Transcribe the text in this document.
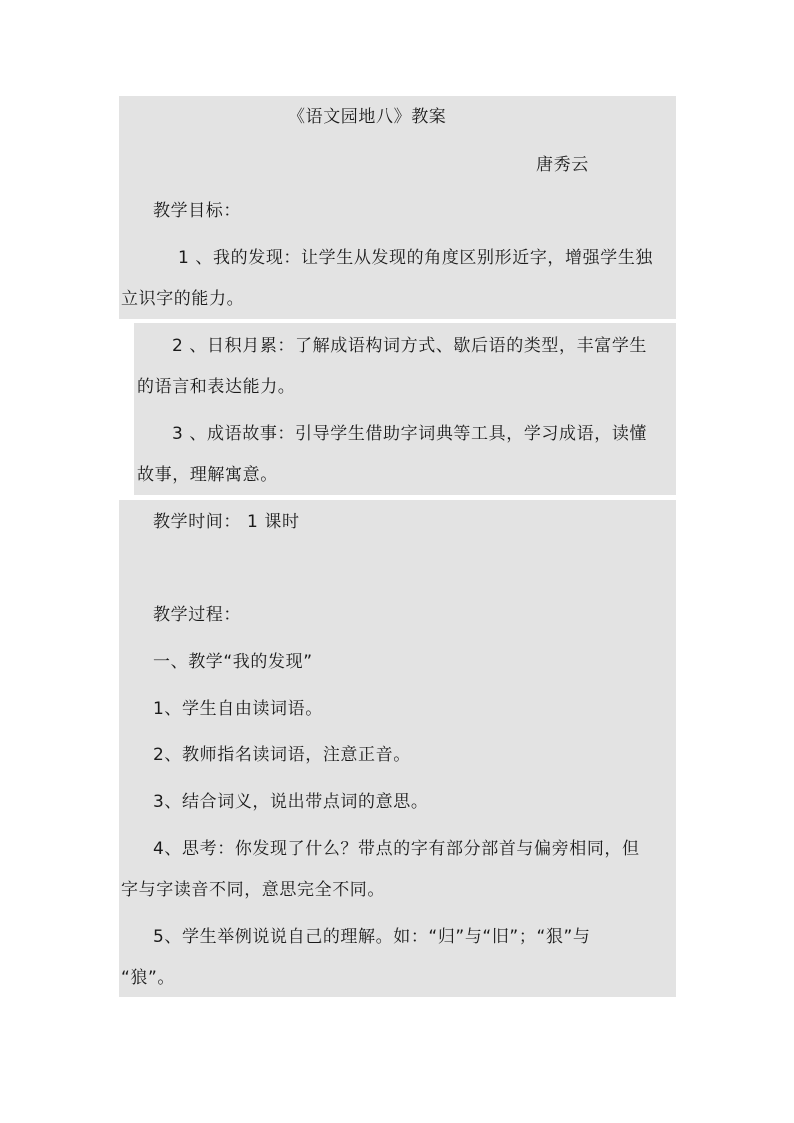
《语文园地八》教案
唐秀云
教学目标：
1 、我的发现：让学生从发现的角度区别形近字，增强学生独
立识字的能力。
2 、日积月累：了解成语构词方式、歇后语的类型，丰富学生
的语言和表达能力。
3 、成语故事：引导学生借助字词典等工具，学习成语，读懂
故事，理解寓意。
教学时间： 1 课时
教学过程：
一、教学“我的发现”
1、学生自由读词语。
2、教师指名读词语，注意正音。
3、结合词义，说出带点词的意思。
4、思考：你发现了什么？带点的字有部分部首与偏旁相同，但
字与字读音不同，意思完全不同。
5、学生举例说说自己的理解。如：“归”与“旧”；“狠”与
“狼”。
